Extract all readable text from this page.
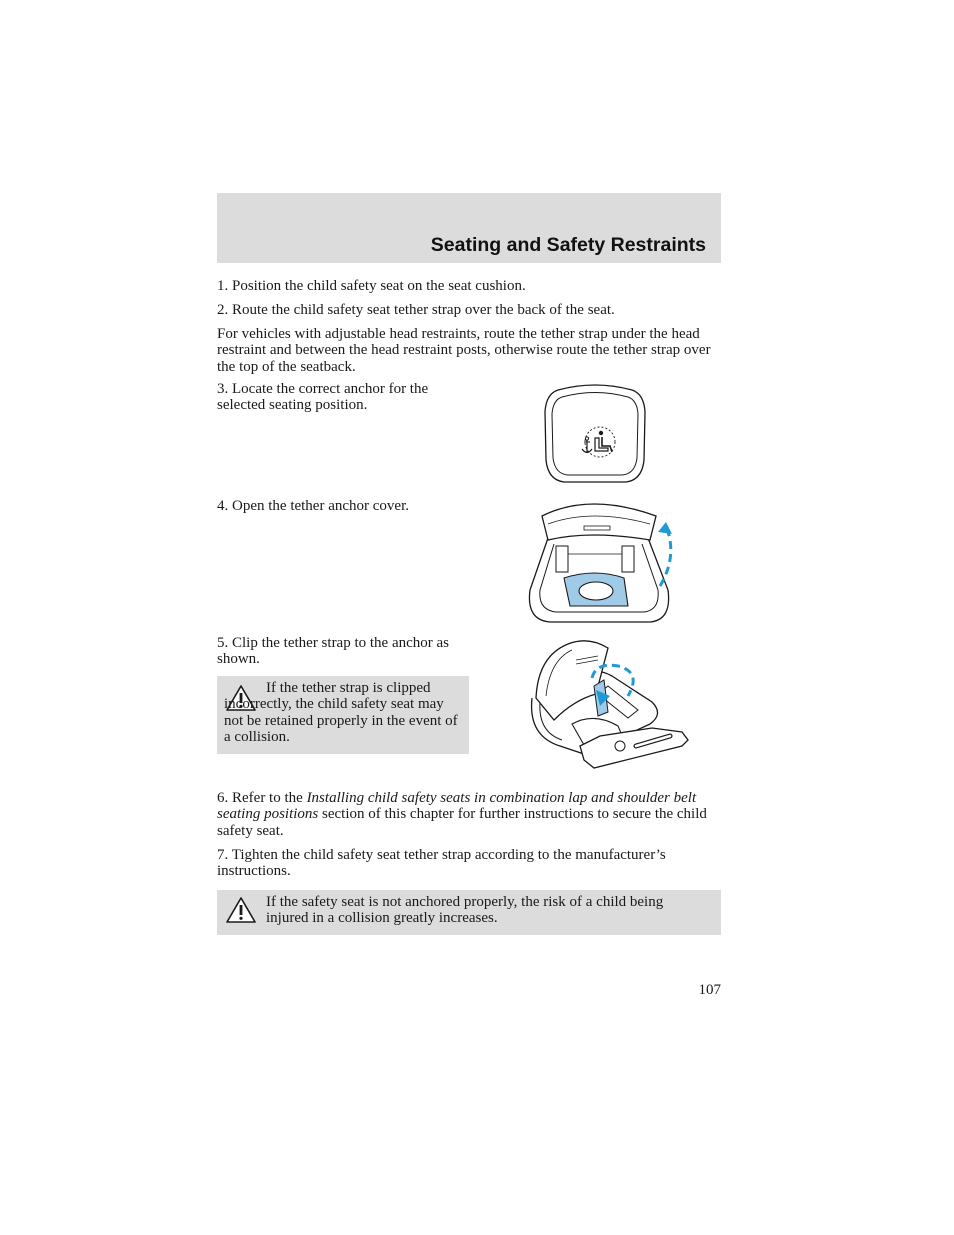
Seating and Safety Restraints

1. Position the child safety seat on the seat cushion.

2. Route the child safety seat tether strap over the back of the seat.

For vehicles with adjustable head restraints, route the tether strap under the head restraint and between the head restraint posts, otherwise route the tether strap over the top of the seatback.

3. Locate the correct anchor for the selected seating position.

4. Open the tether anchor cover.

5. Clip the tether strap to the anchor as shown.

If the tether strap is clipped incorrectly, the child safety seat may not be retained properly in the event of a collision.

6. Refer to the Installing child safety seats in combination lap and shoulder belt seating positions section of this chapter for further instructions to secure the child safety seat.

7. Tighten the child safety seat tether strap according to the manufacturer’s instructions.

If the safety seat is not anchored properly, the risk of a child being injured in a collision greatly increases.

107
